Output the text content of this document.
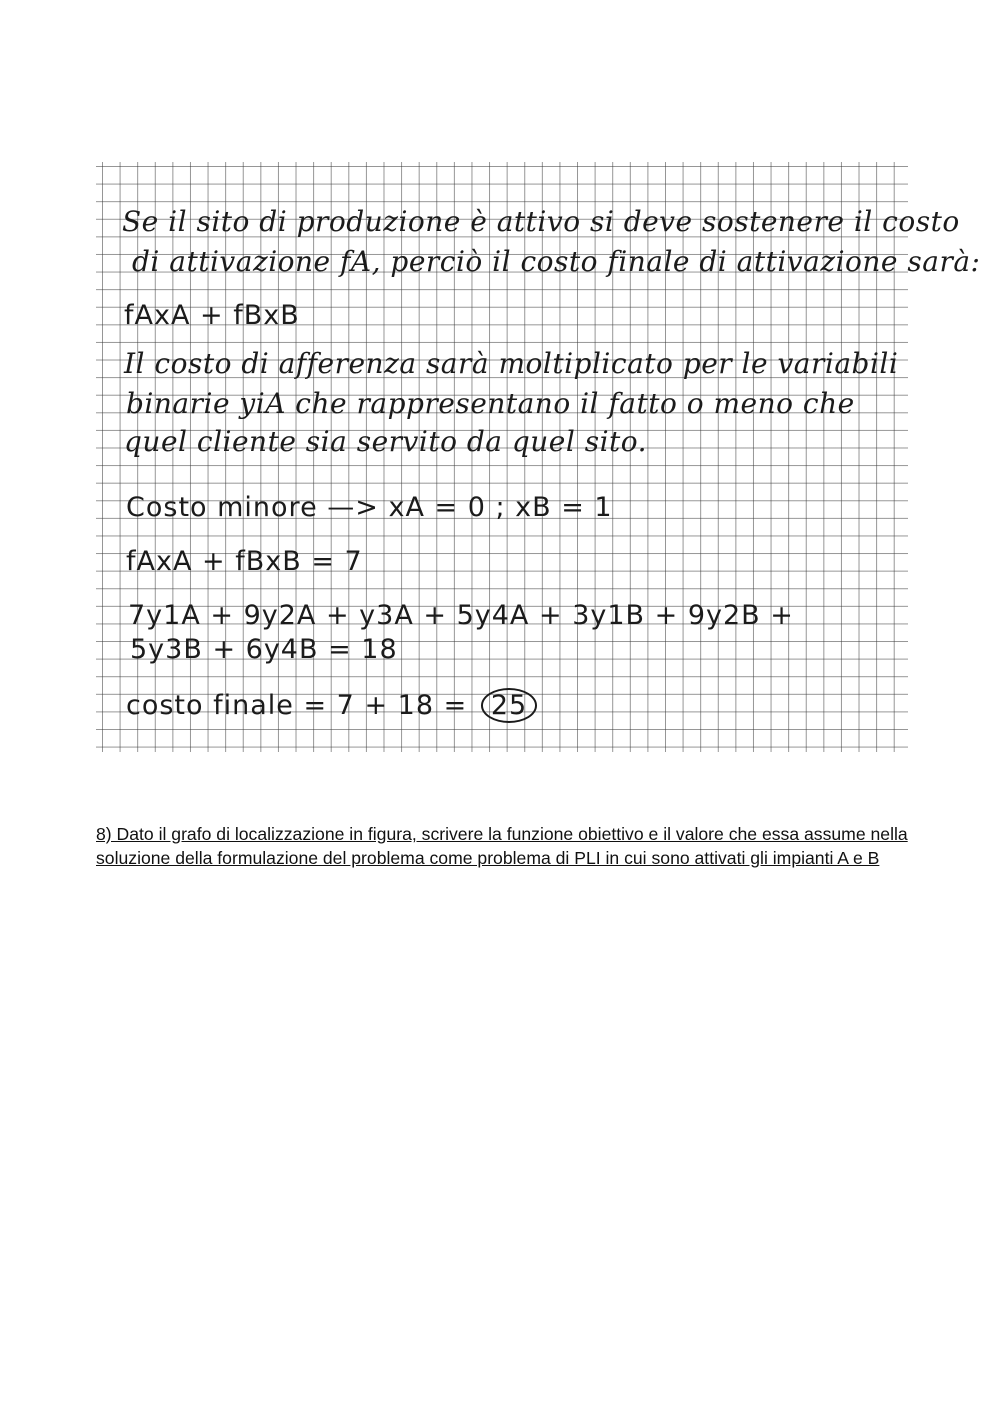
Se il sito di produzione è attivo si deve sostenere il costo
di attivazione fA, perciò il costo finale di attivazione sarà:
fAxA + fBxB
Il costo di afferenza sarà moltiplicato per le variabili
binarie yiA che rappresentano il fatto o meno che
quel cliente sia servito da quel sito.
Costo minore —> xA = 0 ; xB = 1
fAxA + fBxB = 7
7y1A + 9y2A + y3A + 5y4A + 3y1B + 9y2B +
5y3B + 6y4B = 18
costo finale = 7 + 18 = 25
8) Dato il grafo di localizzazione in figura, scrivere la funzione obiettivo e il valore che essa assume nella soluzione della formulazione del problema come problema di PLI in cui sono attivati gli impianti A e B
